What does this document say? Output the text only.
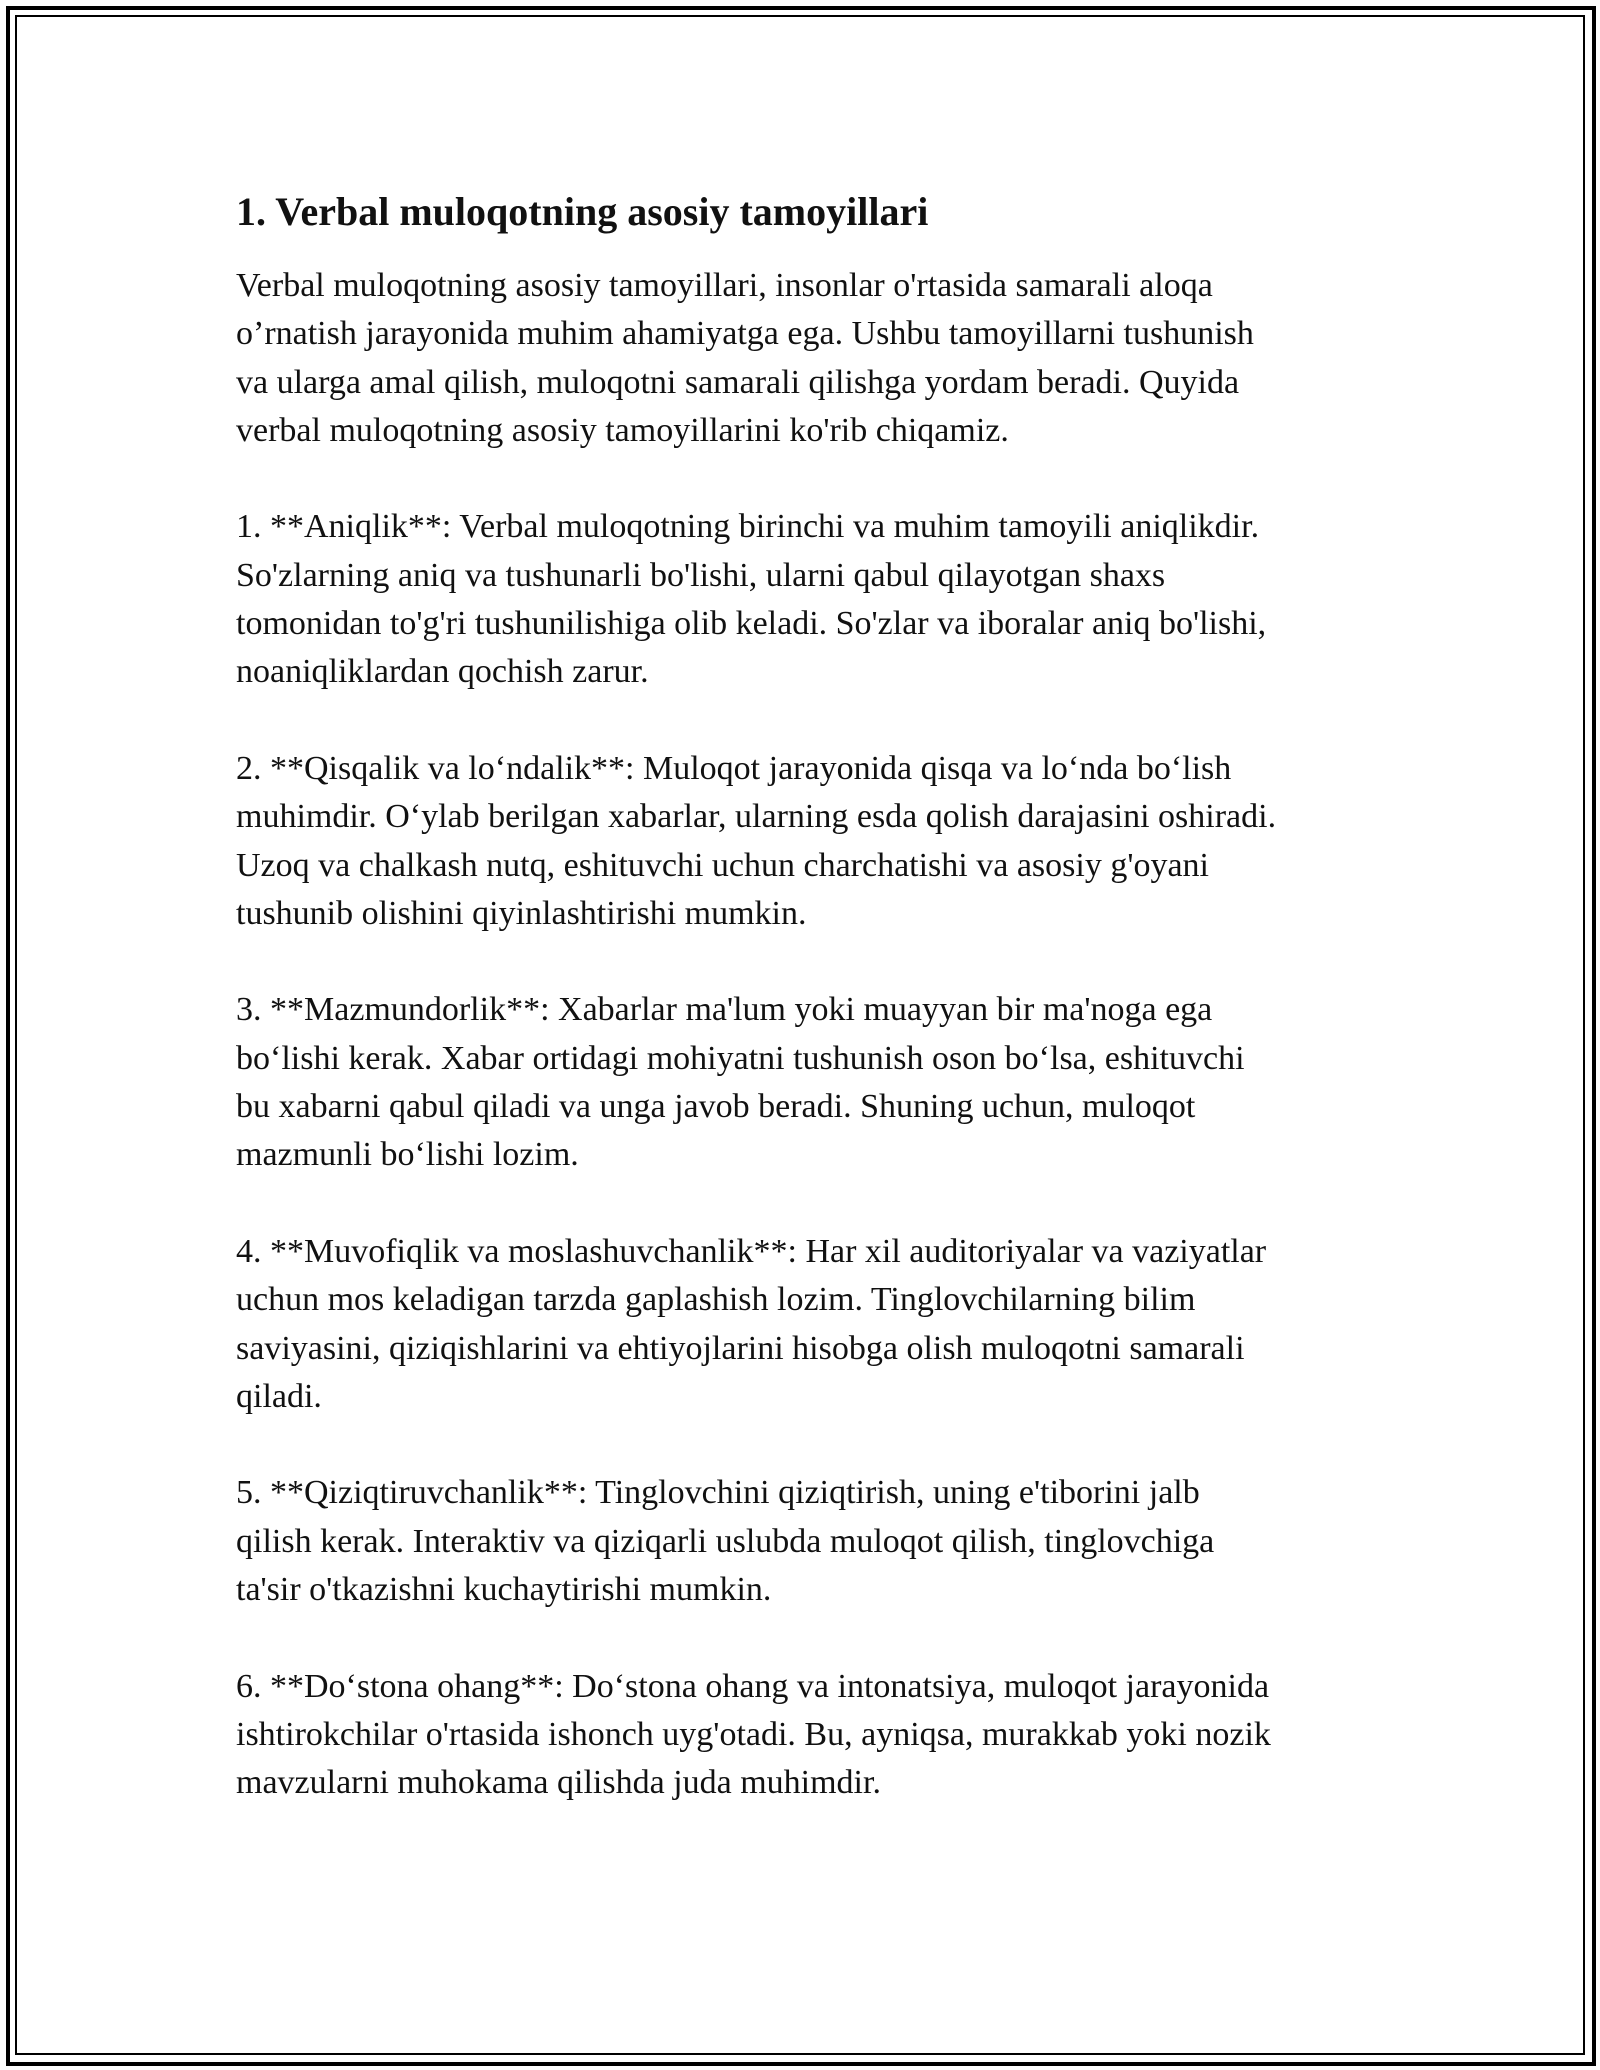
1. Verbal muloqotning asosiy tamoyillari

Verbal muloqotning asosiy tamoyillari, insonlar o'rtasida samarali aloqa
o’rnatish jarayonida muhim ahamiyatga ega. Ushbu tamoyillarni tushunish
va ularga amal qilish, muloqotni samarali qilishga yordam beradi. Quyida
verbal muloqotning asosiy tamoyillarini ko'rib chiqamiz.

1. **Aniqlik**: Verbal muloqotning birinchi va muhim tamoyili aniqlikdir.
So'zlarning aniq va tushunarli bo'lishi, ularni qabul qilayotgan shaxs
tomonidan to'g'ri tushunilishiga olib keladi. So'zlar va iboralar aniq bo'lishi,
noaniqliklardan qochish zarur.

2. **Qisqalik va lo‘ndalik**: Muloqot jarayonida qisqa va lo‘nda bo‘lish
muhimdir. O‘ylab berilgan xabarlar, ularning esda qolish darajasini oshiradi.
Uzoq va chalkash nutq, eshituvchi uchun charchatishi va asosiy g'oyani
tushunib olishini qiyinlashtirishi mumkin.

3. **Mazmundorlik**: Xabarlar ma'lum yoki muayyan bir ma'noga ega
bo‘lishi kerak. Xabar ortidagi mohiyatni tushunish oson bo‘lsa, eshituvchi
bu xabarni qabul qiladi va unga javob beradi. Shuning uchun, muloqot
mazmunli bo‘lishi lozim.

4. **Muvofiqlik va moslashuvchanlik**: Har xil auditoriyalar va vaziyatlar
uchun mos keladigan tarzda gaplashish lozim. Tinglovchilarning bilim
saviyasini, qiziqishlarini va ehtiyojlarini hisobga olish muloqotni samarali
qiladi.

5. **Qiziqtiruvchanlik**: Tinglovchini qiziqtirish, uning e'tiborini jalb
qilish kerak. Interaktiv va qiziqarli uslubda muloqot qilish, tinglovchiga
ta'sir o'tkazishni kuchaytirishi mumkin.

6. **Do‘stona ohang**: Do‘stona ohang va intonatsiya, muloqot jarayonida
ishtirokchilar o'rtasida ishonch uyg'otadi. Bu, ayniqsa, murakkab yoki nozik
mavzularni muhokama qilishda juda muhimdir.
